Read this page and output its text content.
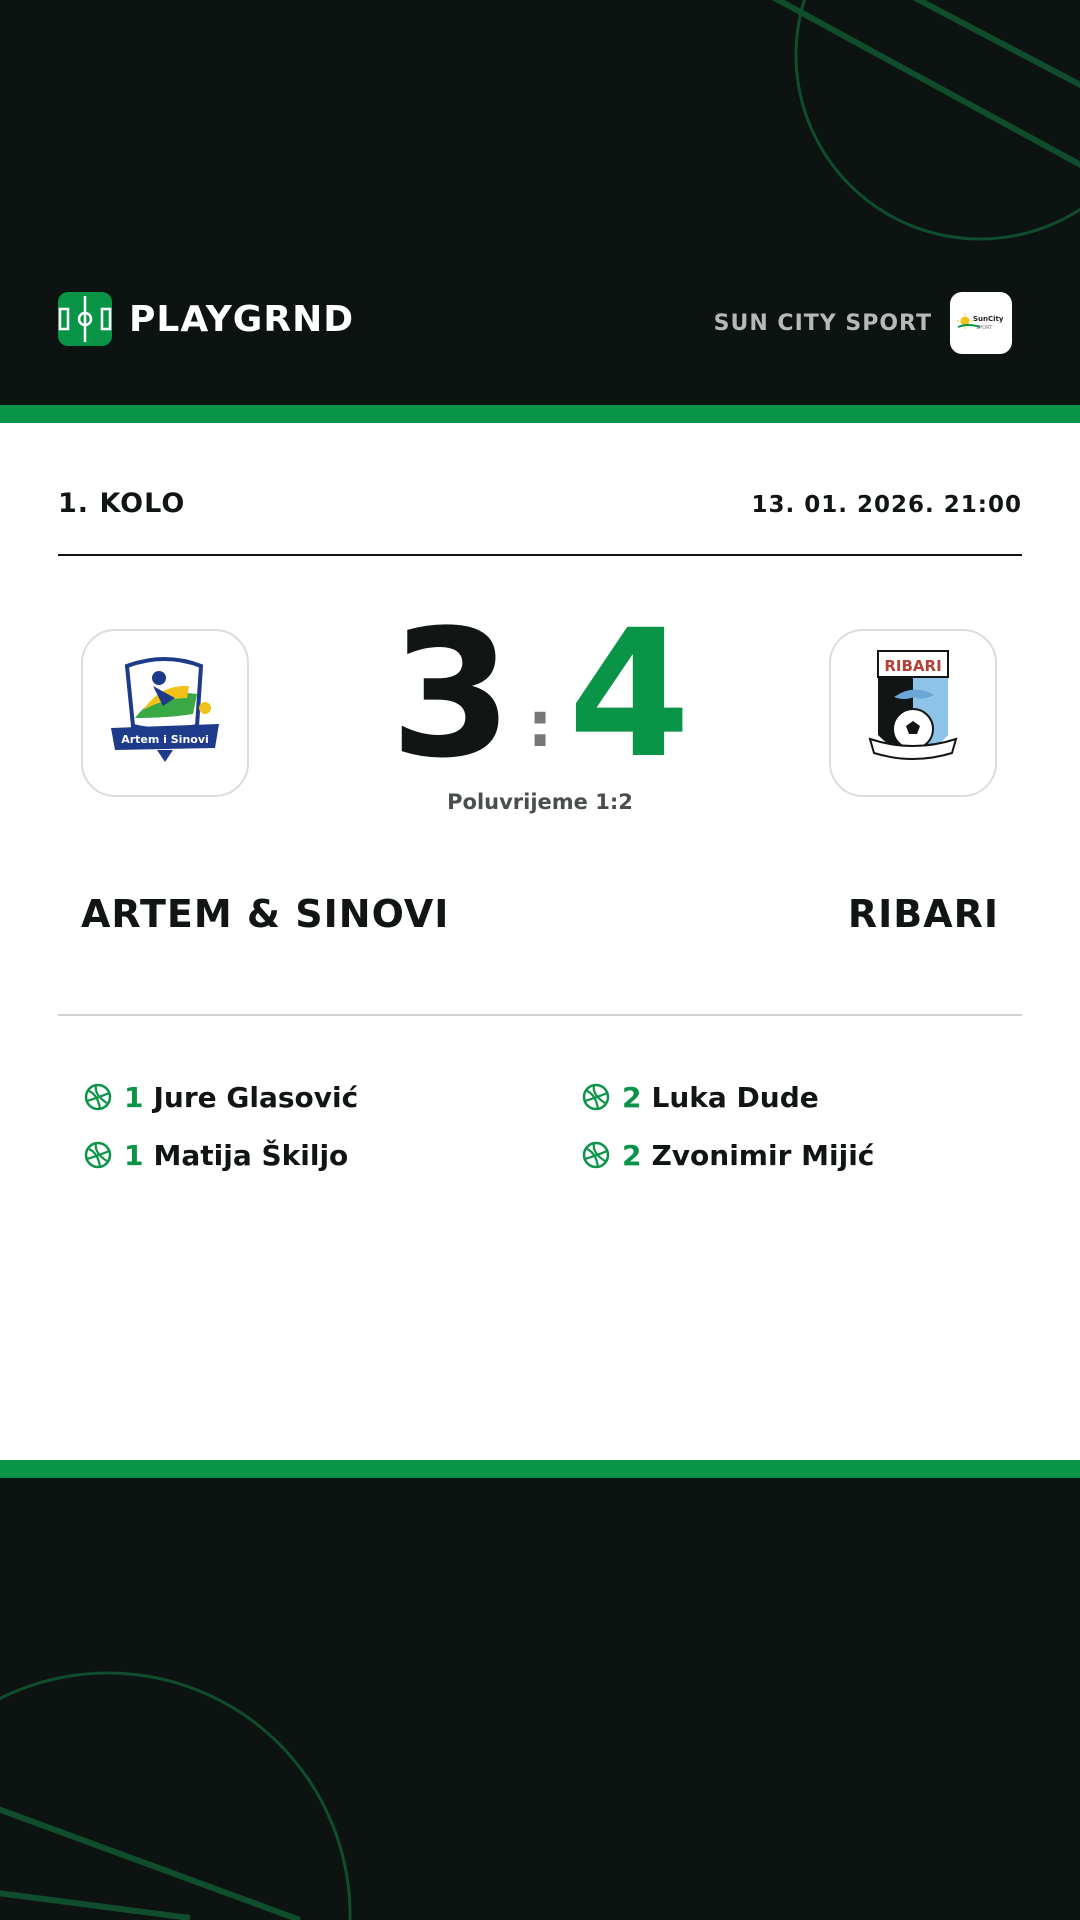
PLAYGRND	SUN CITY SPORT	SunCity
SPORT
1. KOLO	13. 01. 2026. 21:00
Artem i Sinovi 3 : 4
Poluvrijeme 1:2
RIBARI
ARTEM & SINOVI	RIBARI
1 Jure Glasović
1 Matija Škiljo
2 Luka Dude
2 Zvonimir Mijić
